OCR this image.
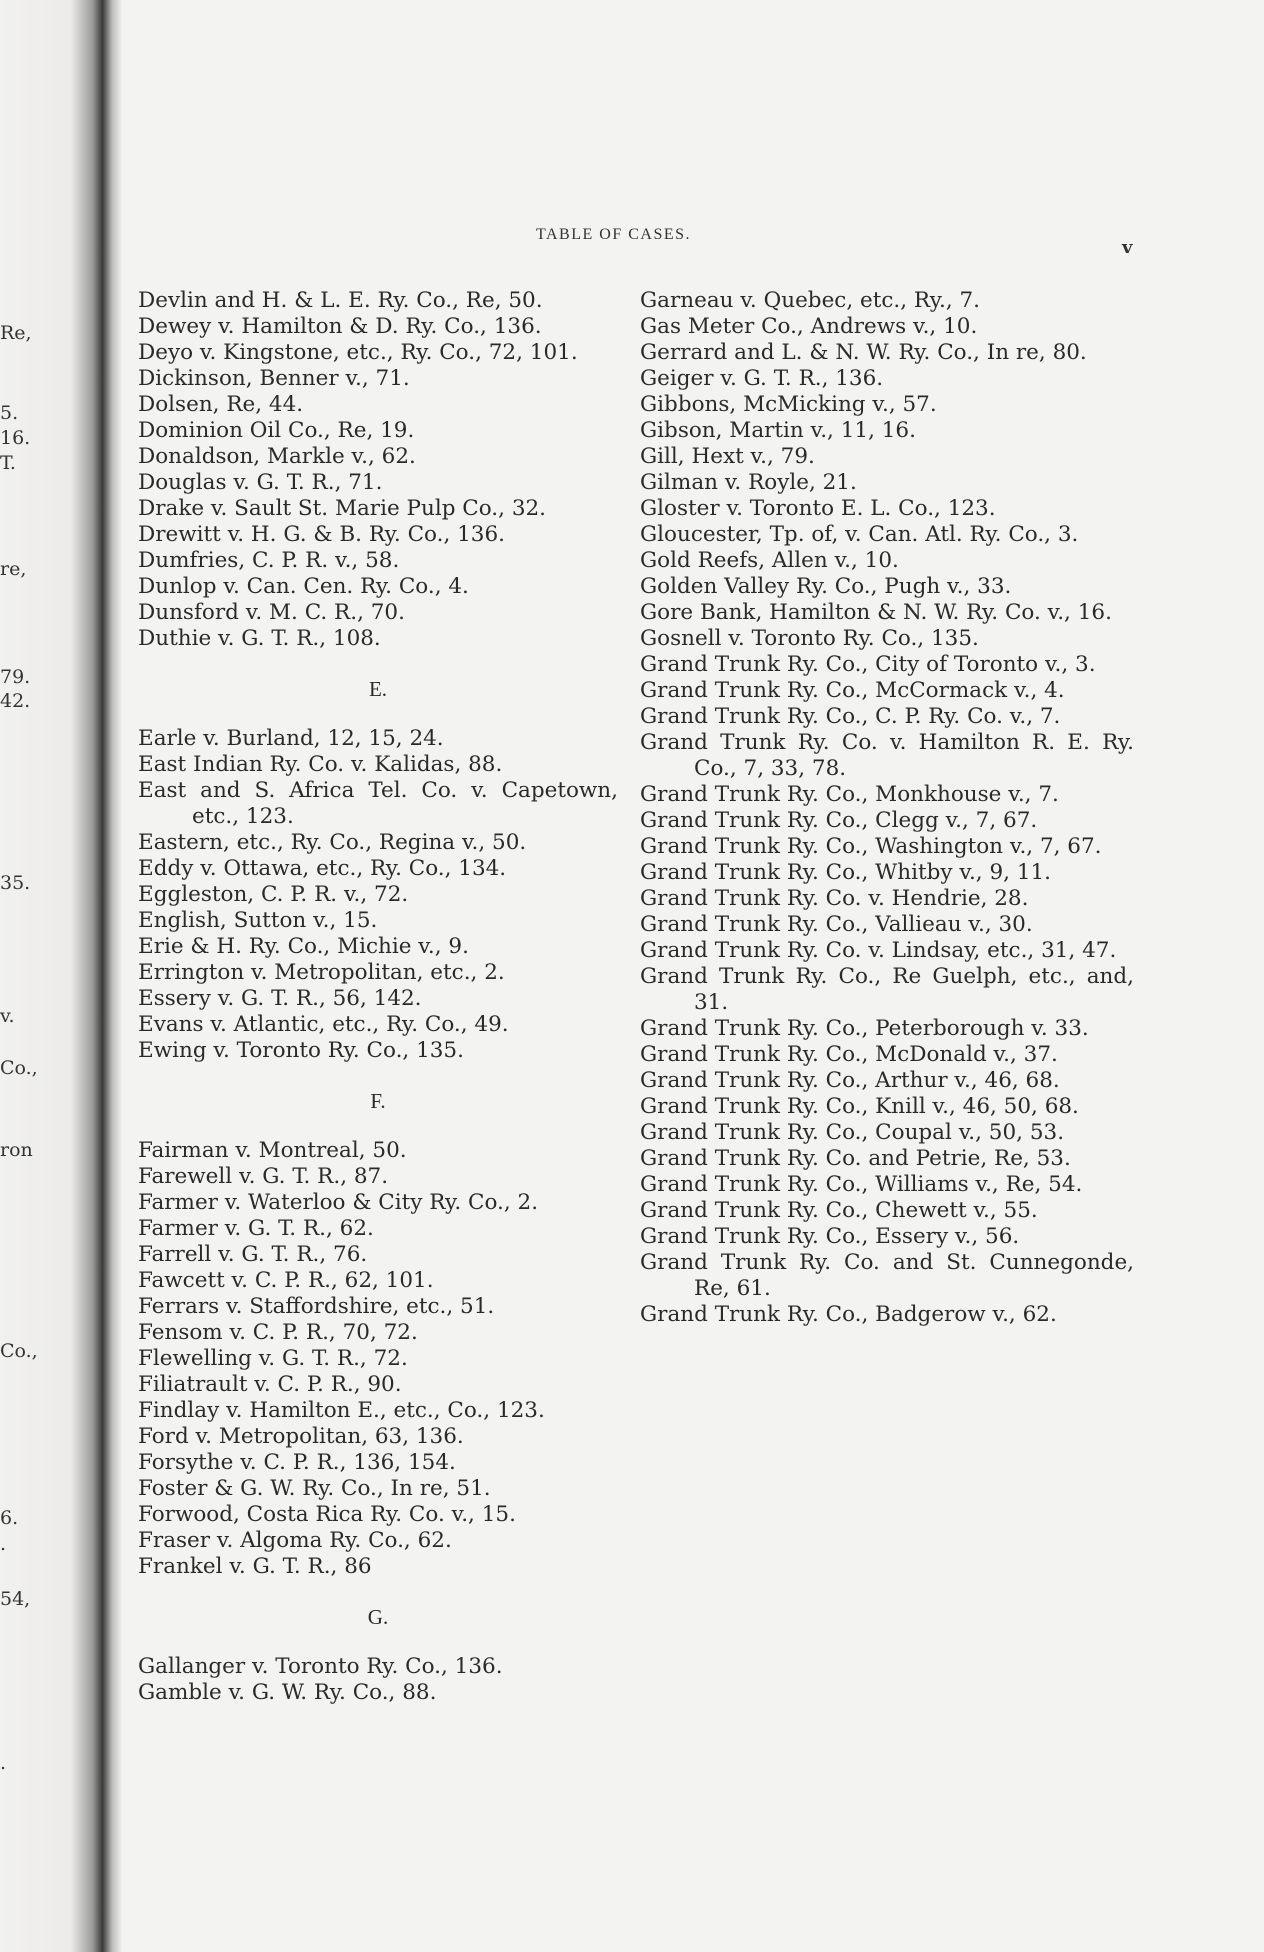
Re,
5.
16.
T.
re,
79.
42.
35.
v.
Co.,
ron
Co.,
6.
.
54,
.
TABLE OF CASES.
v
Devlin and H. & L. E. Ry. Co., Re, 50.
Dewey v. Hamilton & D. Ry. Co., 136.
Deyo v. Kingstone, etc., Ry. Co., 72, 101.
Dickinson, Benner v., 71.
Dolsen, Re, 44.
Dominion Oil Co., Re, 19.
Donaldson, Markle v., 62.
Douglas v. G. T. R., 71.
Drake v. Sault St. Marie Pulp Co., 32.
Drewitt v. H. G. & B. Ry. Co., 136.
Dumfries, C. P. R. v., 58.
Dunlop v. Can. Cen. Ry. Co., 4.
Dunsford v. M. C. R., 70.
Duthie v. G. T. R., 108.
E.
Earle v. Burland, 12, 15, 24.
East Indian Ry. Co. v. Kalidas, 88.
East and S. Africa Tel. Co. v. Capetown, etc., 123.
Eastern, etc., Ry. Co., Regina v., 50.
Eddy v. Ottawa, etc., Ry. Co., 134.
Eggleston, C. P. R. v., 72.
English, Sutton v., 15.
Erie & H. Ry. Co., Michie v., 9.
Errington v. Metropolitan, etc., 2.
Essery v. G. T. R., 56, 142.
Evans v. Atlantic, etc., Ry. Co., 49.
Ewing v. Toronto Ry. Co., 135.
F.
Fairman v. Montreal, 50.
Farewell v. G. T. R., 87.
Farmer v. Waterloo & City Ry. Co., 2.
Farmer v. G. T. R., 62.
Farrell v. G. T. R., 76.
Fawcett v. C. P. R., 62, 101.
Ferrars v. Staffordshire, etc., 51.
Fensom v. C. P. R., 70, 72.
Flewelling v. G. T. R., 72.
Filiatrault v. C. P. R., 90.
Findlay v. Hamilton E., etc., Co., 123.
Ford v. Metropolitan, 63, 136.
Forsythe v. C. P. R., 136, 154.
Foster & G. W. Ry. Co., In re, 51.
Forwood, Costa Rica Ry. Co. v., 15.
Fraser v. Algoma Ry. Co., 62.
Frankel v. G. T. R., 86
G.
Gallanger v. Toronto Ry. Co., 136.
Gamble v. G. W. Ry. Co., 88.
Garneau v. Quebec, etc., Ry., 7.
Gas Meter Co., Andrews v., 10.
Gerrard and L. & N. W. Ry. Co., In re, 80.
Geiger v. G. T. R., 136.
Gibbons, McMicking v., 57.
Gibson, Martin v., 11, 16.
Gill, Hext v., 79.
Gilman v. Royle, 21.
Gloster v. Toronto E. L. Co., 123.
Gloucester, Tp. of, v. Can. Atl. Ry. Co., 3.
Gold Reefs, Allen v., 10.
Golden Valley Ry. Co., Pugh v., 33.
Gore Bank, Hamilton & N. W. Ry. Co. v., 16.
Gosnell v. Toronto Ry. Co., 135.
Grand Trunk Ry. Co., City of Toronto v., 3.
Grand Trunk Ry. Co., McCormack v., 4.
Grand Trunk Ry. Co., C. P. Ry. Co. v., 7.
Grand Trunk Ry. Co. v. Hamilton R. E. Ry. Co., 7, 33, 78.
Grand Trunk Ry. Co., Monkhouse v., 7.
Grand Trunk Ry. Co., Clegg v., 7, 67.
Grand Trunk Ry. Co., Washington v., 7, 67.
Grand Trunk Ry. Co., Whitby v., 9, 11.
Grand Trunk Ry. Co. v. Hendrie, 28.
Grand Trunk Ry. Co., Vallieau v., 30.
Grand Trunk Ry. Co. v. Lindsay, etc., 31, 47.
Grand Trunk Ry. Co., Re Guelph, etc., and, 31.
Grand Trunk Ry. Co., Peterborough v. 33.
Grand Trunk Ry. Co., McDonald v., 37.
Grand Trunk Ry. Co., Arthur v., 46, 68.
Grand Trunk Ry. Co., Knill v., 46, 50, 68.
Grand Trunk Ry. Co., Coupal v., 50, 53.
Grand Trunk Ry. Co. and Petrie, Re, 53.
Grand Trunk Ry. Co., Williams v., Re, 54.
Grand Trunk Ry. Co., Chewett v., 55.
Grand Trunk Ry. Co., Essery v., 56.
Grand Trunk Ry. Co. and St. Cunnegonde, Re, 61.
Grand Trunk Ry. Co., Badgerow v., 62.
